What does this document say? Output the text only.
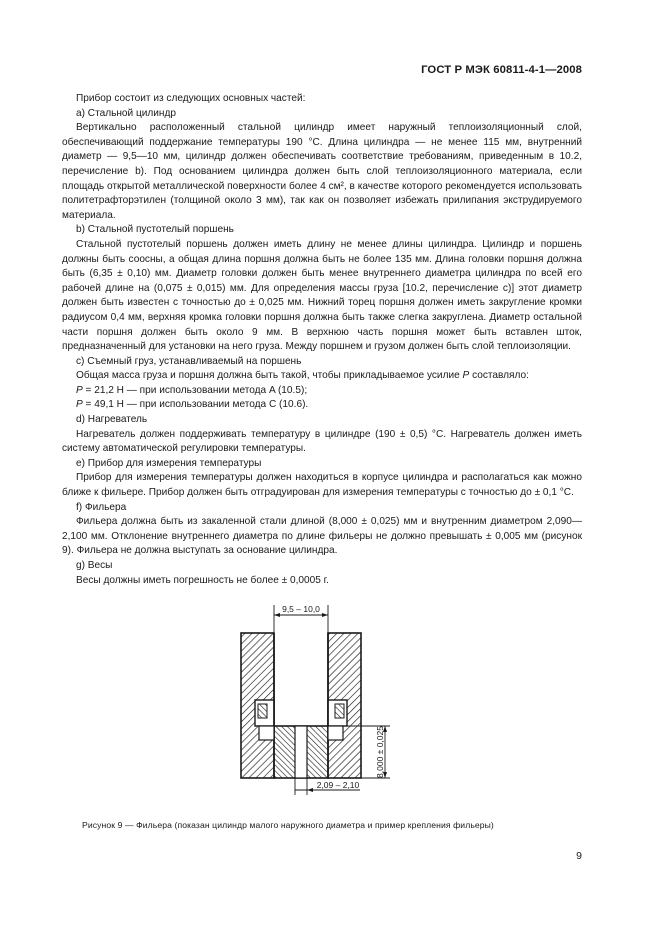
ГОСТ Р МЭК 60811-4-1—2008

Прибор состоит из следующих основных частей:

a) Стальной цилиндр

Вертикально расположенный стальной цилиндр имеет наружный теплоизоляционный слой, обеспечивающий поддержание температуры 190 °C. Длина цилиндра — не менее 115 мм, внутренний диаметр — 9,5—10 мм, цилиндр должен обеспечивать соответствие требованиям, приведенным в 10.2, перечисление b). Под основанием цилиндра должен быть слой теплоизоляционного материала, если площадь открытой металлической поверхности более 4 см², в качестве которого рекомендуется использовать политетрафторэтилен (толщиной около 3 мм), так как он позволяет избежать прилипания экструдируемого материала.

b) Стальной пустотелый поршень

Стальной пустотелый поршень должен иметь длину не менее длины цилиндра. Цилиндр и поршень должны быть соосны, а общая длина поршня должна быть не более 135 мм. Длина головки поршня должна быть (6,35 ± 0,10) мм. Диаметр головки должен быть менее внутреннего диаметра цилиндра по всей его рабочей длине на (0,075 ± 0,015) мм. Для определения массы груза [10.2, перечисление c)] этот диаметр должен быть известен с точностью до ± 0,025 мм. Нижний торец поршня должен иметь закругление кромки радиусом 0,4 мм, верхняя кромка головки поршня должна быть также слегка закруглена. Диаметр остальной части поршня должен быть около 9 мм. В верхнюю часть поршня может быть вставлен шток, предназначенный для установки на него груза. Между поршнем и грузом должен быть слой теплоизоляции.

c) Съемный груз, устанавливаемый на поршень

Общая масса груза и поршня должна быть такой, чтобы прикладываемое усилие P составляло:

P = 21,2 Н — при использовании метода A (10.5);

P = 49,1 Н — при использовании метода C (10.6).

d) Нагреватель

Нагреватель должен поддерживать температуру в цилиндре (190 ± 0,5) °C. Нагреватель должен иметь систему автоматической регулировки температуры.

e) Прибор для измерения температуры

Прибор для измерения температуры должен находиться в корпусе цилиндра и располагаться как можно ближе к фильере. Прибор должен быть отградуирован для измерения температуры с точностью до ± 0,1 °C.

f) Фильера

Фильера должна быть из закаленной стали длиной (8,000 ± 0,025) мм и внутренним диаметром 2,090—2,100 мм. Отклонение внутреннего диаметра по длине фильеры не должно превышать ± 0,005 мм (рисунок 9). Фильера не должна выступать за основание цилиндра.

g) Весы

Весы должны иметь погрешность не более ± 0,0005 г.

9,5 – 10,0
8,000 ± 0,025
2,09 – 2,10
Рисунок 9 — Фильера (показан цилиндр малого наружного диаметра и пример крепления фильеры)
9
